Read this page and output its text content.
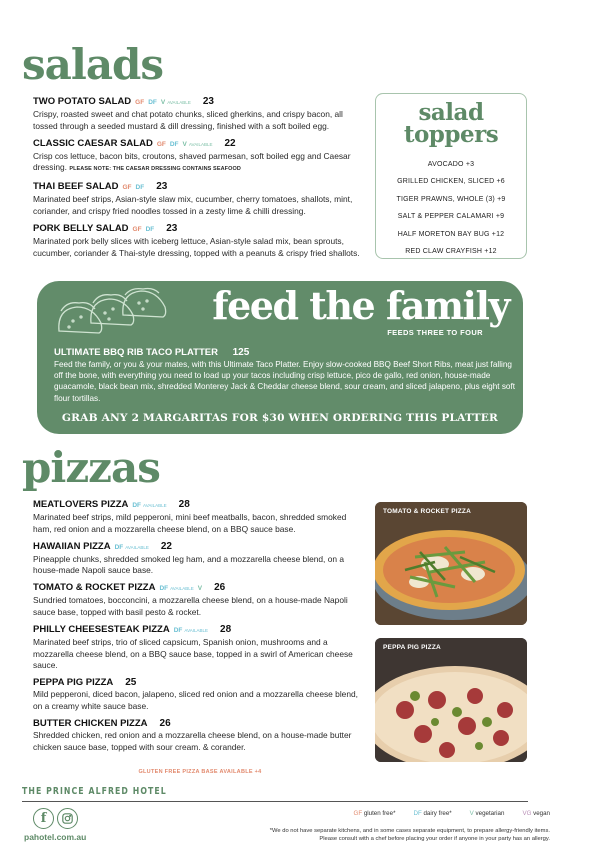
salads
TWO POTATO SALAD GF DF V AVAILABLE 23
Crispy, roasted sweet and chat potato chunks, sliced gherkins, and crispy bacon, all tossed through a seeded mustard & dill dressing, finished with a soft boiled egg.
CLASSIC CAESAR SALAD GF DF V AVAILABLE 22
Crisp cos lettuce, bacon bits, croutons, shaved parmesan, soft boiled egg and Caesar dressing. PLEASE NOTE: THE CAESAR DRESSING CONTAINS SEAFOOD
THAI BEEF SALAD GF DF 23
Marinated beef strips, Asian-style slaw mix, cucumber, cherry tomatoes, shallots, mint, coriander, and crispy fried noodles tossed in a zesty lime & chilli dressing.
PORK BELLY SALAD GF DF 23
Marinated pork belly slices with iceberg lettuce, Asian-style salad mix, bean sprouts, cucumber, coriander & Thai-style dressing, topped with a peanuts & crispy fried shallots.
salad
toppers
AVOCADO +3
GRILLED CHICKEN, SLICED +6
TIGER PRAWNS, WHOLE (3) +9
SALT & PEPPER CALAMARI +9
HALF MORETON BAY BUG +12
RED CLAW CRAYFISH +12
feed the family
FEEDS THREE TO FOUR
ULTIMATE BBQ RIB TACO PLATTER 125
Feed the family, or you & your mates, with this Ultimate Taco Platter. Enjoy slow-cooked BBQ Beef Short Ribs, meat just falling off the bone, with everything you need to load up your tacos including crisp lettuce, pico de gallo, red onion, house-made guacamole, black bean mix, shredded Monterey Jack & Cheddar cheese blend, sour cream, and sliced jalapeno, plus eight soft flour tortillas.
GRAB ANY 2 MARGARITAS FOR $30 WHEN ORDERING THIS PLATTER
pizzas
MEATLOVERS PIZZA DF AVAILABLE 28
Marinated beef strips, mild pepperoni, mini beef meatballs, bacon, shredded smoked ham, red onion and a mozzarella cheese blend, on a BBQ sauce base.
HAWAIIAN PIZZA DF AVAILABLE 22
Pineapple chunks, shredded smoked leg ham, and a mozzarella cheese blend, on a house-made Napoli sauce base.
TOMATO & ROCKET PIZZA DF AVAILABLE V 26
Sundried tomatoes, bocconcini, a mozzarella cheese blend, on a house-made Napoli sauce base, topped with basil pesto & rocket.
PHILLY CHEESESTEAK PIZZA DF AVAILABLE 28
Marinated beef strips, trio of sliced capsicum, Spanish onion, mushrooms and a mozzarella cheese blend, on a BBQ sauce base, topped in a swirl of American cheese sauce.
PEPPA PIG PIZZA 25
Mild pepperoni, diced bacon, jalapeno, sliced red onion and a mozzarella cheese blend, on a creamy white sauce base.
BUTTER CHICKEN PIZZA 26
Shredded chicken, red onion and a mozzarella cheese blend, on a house-made butter chicken sauce base, topped with sour cream. & corander.
GLUTEN FREE PIZZA BASE AVAILABLE +4
TOMATO & ROCKET PIZZA
PEPPA PIG PIZZA
THE PRINCE ALFRED HOTEL
f
pahotel.com.au
GF gluten free*	DF dairy free*	V vegetarian	VG vegan
*We do not have separate kitchens, and in some cases separate equipment, to prepare allergy-friendly items.
Please consult with a chef before placing your order if anyone in your party has an allergy.
